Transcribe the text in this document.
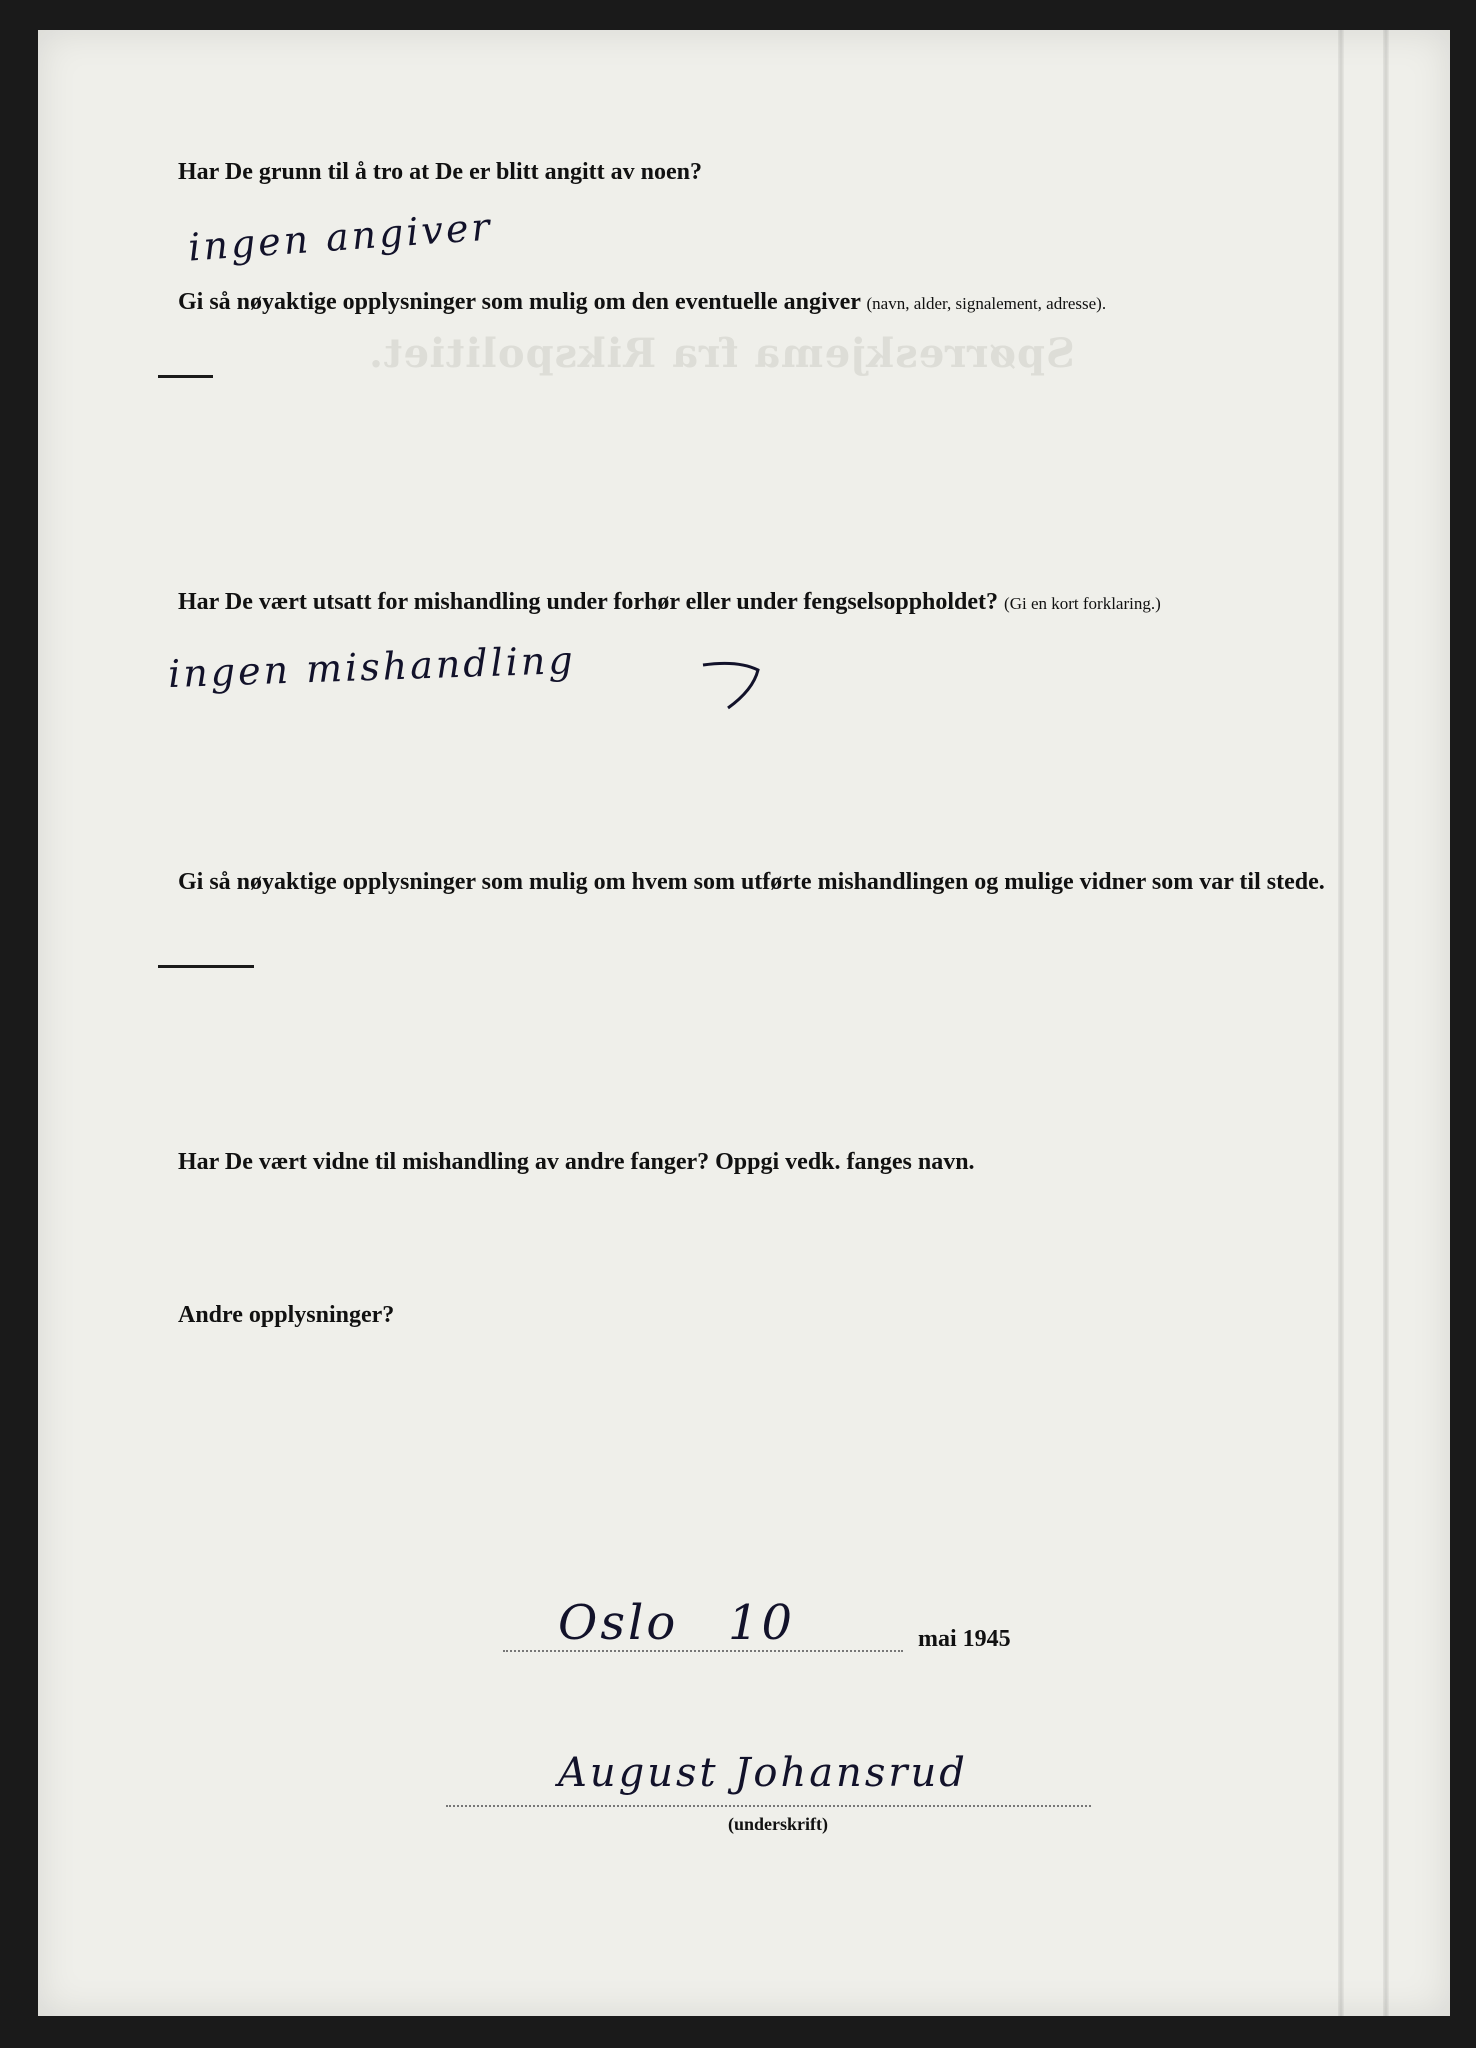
Spørreskjema fra Rikspolitiet.
Har De grunn til å tro at De er blitt angitt av noen?
ingen angiver
Gi så nøyaktige opplysninger som mulig om den eventuelle angiver (navn, alder, signalement, adresse).
Har De vært utsatt for mishandling under forhør eller under fengselsoppholdet? (Gi en kort forklaring.)
ingen mishandling
Gi så nøyaktige opplysninger som mulig om hvem som utførte mishandlingen og mulige vidner som var til stede.
Har De vært vidne til mishandling av andre fanger? Oppgi vedk. fanges navn.
Andre opplysninger?
Oslo 10	mai 1945
August Johansrud
(underskrift)
